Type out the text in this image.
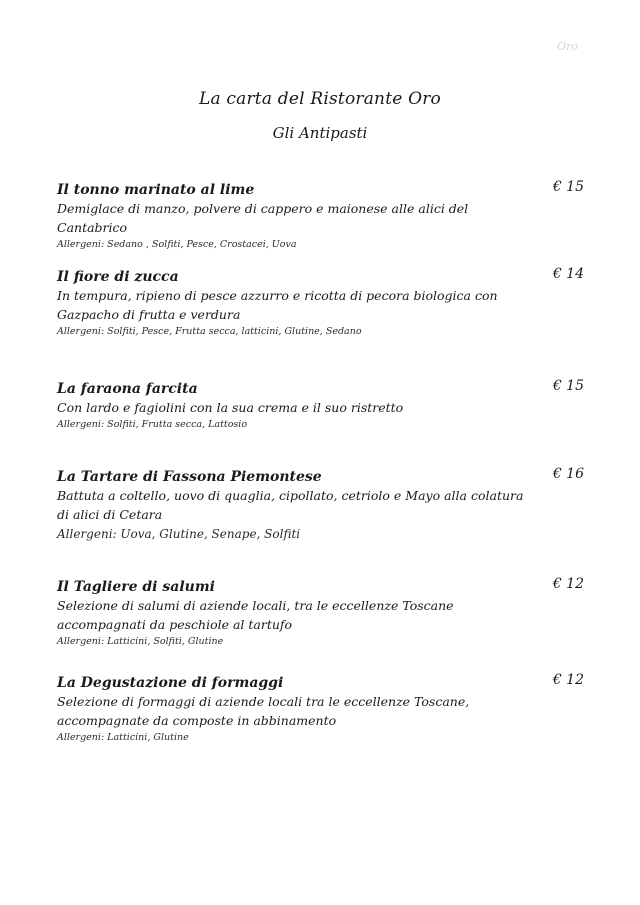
Oro
La carta del Ristorante Oro
Gli Antipasti
Il tonno marinato al lime	€ 15
Demiglace di manzo, polvere di cappero e maionese alle alici del Cantabrico
Allergeni: Sedano , Solfiti, Pesce, Crostacei, Uova
Il fiore di zucca	€ 14
In tempura, ripieno di pesce azzurro e ricotta di pecora biologica con Gazpacho di frutta e verdura
Allergeni: Solfiti, Pesce, Frutta secca, latticini, Glutine, Sedano
La faraona farcita	€ 15
Con lardo e fagiolini con la sua crema e il suo ristretto
Allergeni: Solfiti, Frutta secca, Lattosio
La Tartare di Fassona Piemontese	€ 16
Battuta a coltello, uovo di quaglia, cipollato, cetriolo e Mayo alla colatura di alici di Cetara
Allergeni: Uova, Glutine, Senape, Solfiti
Il Tagliere di salumi	€ 12
Selezione di salumi di aziende locali, tra le eccellenze Toscane accompagnati da peschiole al tartufo
Allergeni: Latticini, Solfiti, Glutine
La Degustazione di formaggi	€ 12
Selezione di formaggi di aziende locali tra le eccellenze Toscane, accompagnate da composte in abbinamento
Allergeni: Latticini, Glutine
